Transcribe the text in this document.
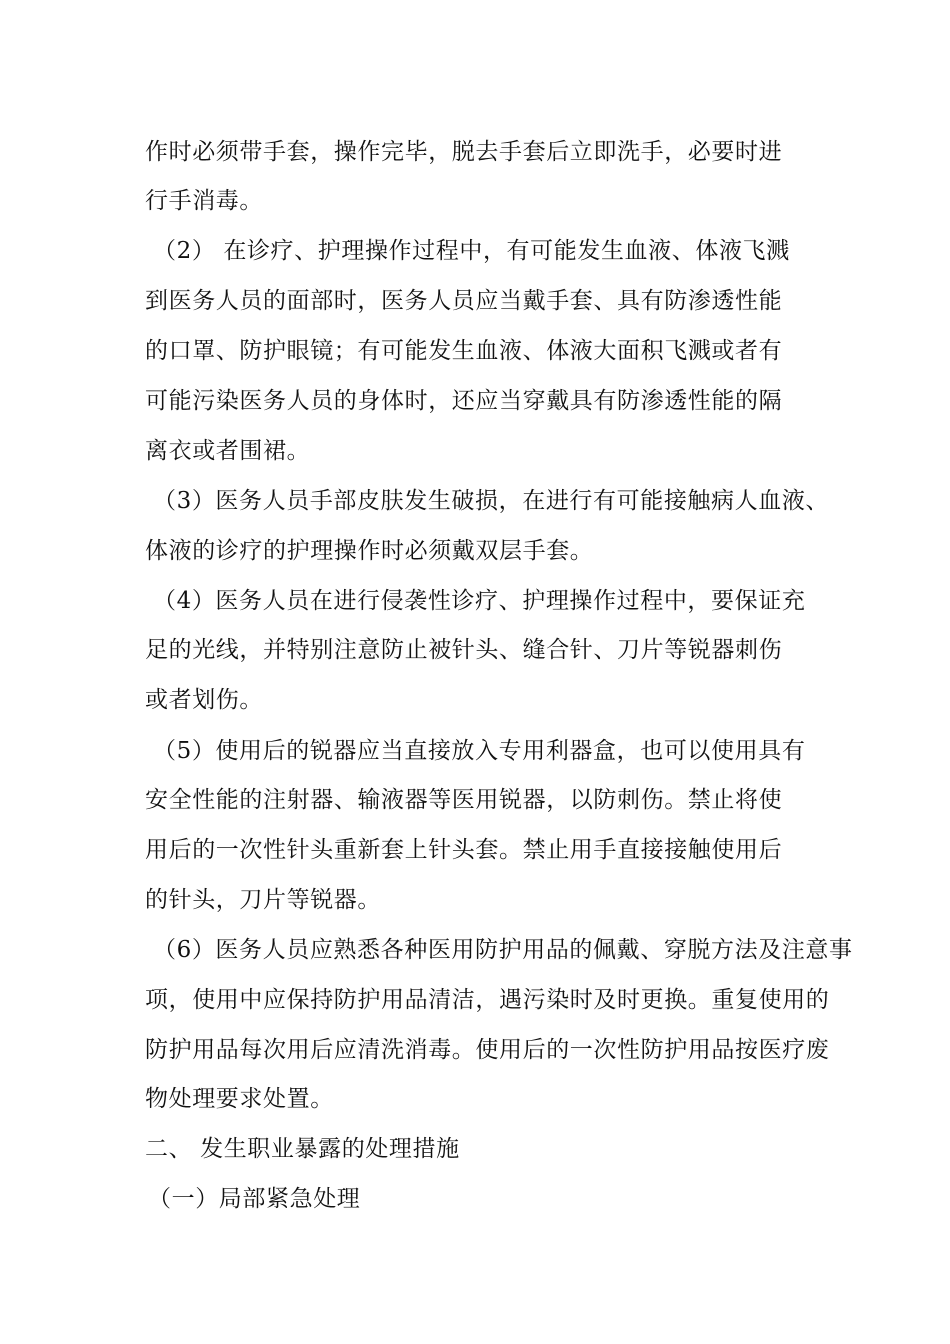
作时必须带手套，操作完毕，脱去手套后立即洗手，必要时进
行手消毒。
（2） 在诊疗、护理操作过程中，有可能发生血液、体液飞溅
到医务人员的面部时，医务人员应当戴手套、具有防渗透性能
的口罩、防护眼镜；有可能发生血液、体液大面积飞溅或者有
可能污染医务人员的身体时，还应当穿戴具有防渗透性能的隔
离衣或者围裙。
（3）医务人员手部皮肤发生破损，在进行有可能接触病人血液、
体液的诊疗的护理操作时必须戴双层手套。
（4）医务人员在进行侵袭性诊疗、护理操作过程中，要保证充
足的光线，并特别注意防止被针头、缝合针、刀片等锐器刺伤
或者划伤。
（5）使用后的锐器应当直接放入专用利器盒，也可以使用具有
安全性能的注射器、输液器等医用锐器，以防刺伤。禁止将使
用后的一次性针头重新套上针头套。禁止用手直接接触使用后
的针头，刀片等锐器。
（6）医务人员应熟悉各种医用防护用品的佩戴、穿脱方法及注意事
项，使用中应保持防护用品清洁，遇污染时及时更换。重复使用的
防护用品每次用后应清洗消毒。使用后的一次性防护用品按医疗废
物处理要求处置。
二、 发生职业暴露的处理措施
（一）局部紧急处理
